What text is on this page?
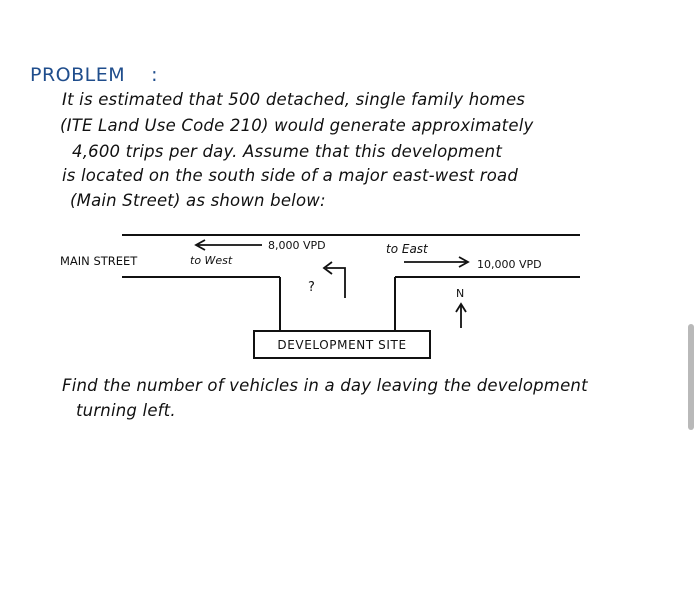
PROBLEM :
It is estimated that 500 detached, single family homes
(ITE Land Use Code 210) would generate approximately
4,600 trips per day. Assume that this development
is located on the south side of a major east-west road
(Main Street) as shown below:
DEVELOPMENT SITE
8,000 VPD
to West
MAIN STREET
to East
10,000 VPD
?	N
Find the number of vehicles in a day leaving the development
turning left.
